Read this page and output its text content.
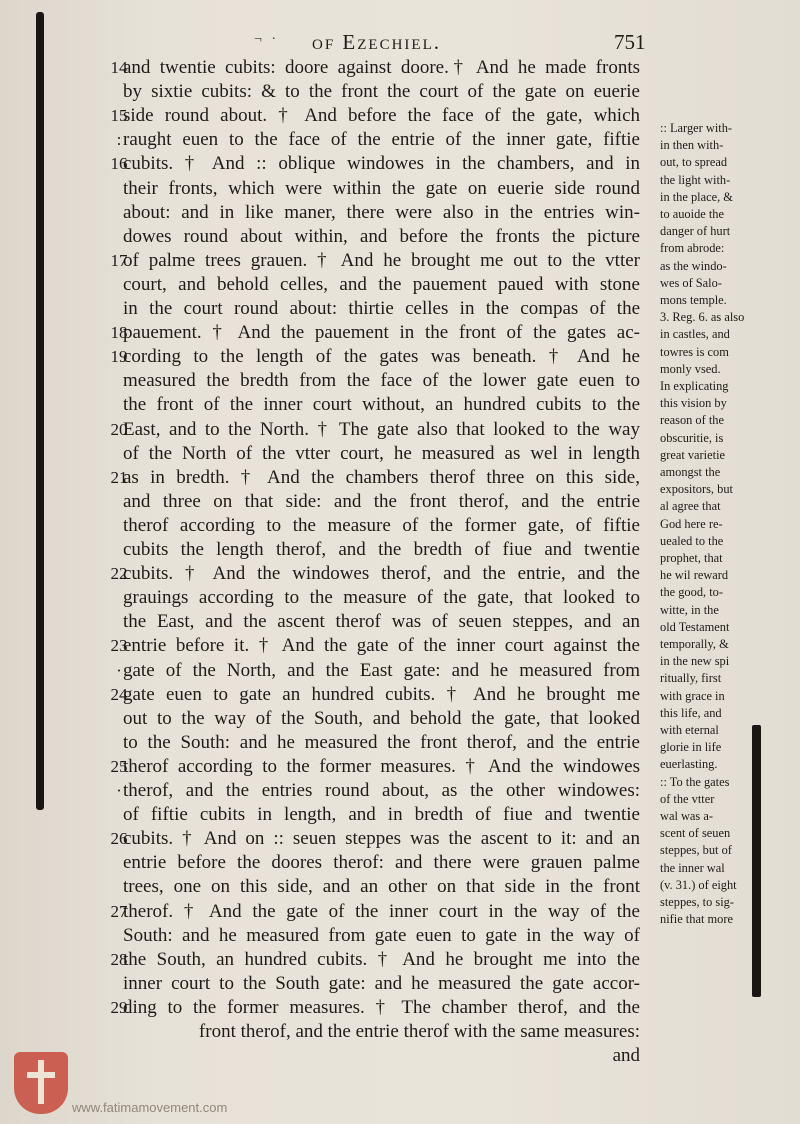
¬ · of Ezechiel.	751
14
and twentie cubits: doore against doore.† And he made fronts
by sixtie cubits: & to the front the court of the gate on euerie
15
side round about. † And before the face of the gate, which
: raught euen to the face of the entrie of the inner gate, fiftie
16
cubits. † And :: oblique windowes in the chambers, and in
their fronts, which were within the gate on euerie side round
about: and in like maner, there were also in the entries win-
dowes round about within, and before the fronts the picture
17
of palme trees grauen. † And he brought me out to the vtter
court, and behold celles, and the pauement paued with stone
in the court round about: thirtie celles in the compas of the
18
pauement. † And the pauement in the front of the gates ac-
19
cording to the length of the gates was beneath. † And he
measured the bredth from the face of the lower gate euen to
the front of the inner court without, an hundred cubits to the
20
East, and to the North. † The gate also that looked to the way
of the North of the vtter court, he measured as wel in length
21
as in bredth. † And the chambers therof three on this side,
and three on that side: and the front therof, and the entrie
therof according to the measure of the former gate, of fiftie
cubits the length therof, and the bredth of fiue and twentie
22
cubits. † And the windowes therof, and the entrie, and the
grauings according to the measure of the gate, that looked to
the East, and the ascent therof was of seuen steppes, and an
23
entrie before it. † And the gate of the inner court against the
· gate of the North, and the East gate: and he measured from
24
gate euen to gate an hundred cubits. † And he brought me
out to the way of the South, and behold the gate, that looked
to the South: and he measured the front therof, and the entrie
25
therof according to the former measures. † And the windowes
· therof, and the entries round about, as the other windowes:
of fiftie cubits in length, and in bredth of fiue and twentie
26
cubits. † And on :: seuen steppes was the ascent to it: and an
entrie before the doores therof: and there were grauen palme
trees, one on this side, and an other on that side in the front
27
therof. † And the gate of the inner court in the way of the
South: and he measured from gate euen to gate in the way of
28
the South, an hundred cubits. † And he brought me into the
inner court to the South gate: and he measured the gate accor-
29
ding to the former measures. † The chamber therof, and the
front therof, and the entrie therof with the same measures:
and
:: Larger with-
in then with-
out, to spread
the light with-
in the place, &
to auoide the
danger of hurt
from abrode:
as the windo-
wes of Salo-
mons temple.
3. Reg. 6. as also
in castles, and
towres is com
monly vsed.
In explicating
this vision by
reason of the
obscuritie, is
great varietie
amongst the
expositors, but
al agree that
God here re-
uealed to the
prophet, that
he wil reward
the good, to-
witte, in the
old Testament
temporally, &
in the new spi
ritually, first
with grace in
this life, and
with eternal
glorie in life
euerlasting.
:: To the gates
of the vtter
wal was a-
scent of seuen
steppes, but of
the inner wal
(v. 31.) of eight
steppes, to sig-
nifie that more
www.fatimamovement.com
